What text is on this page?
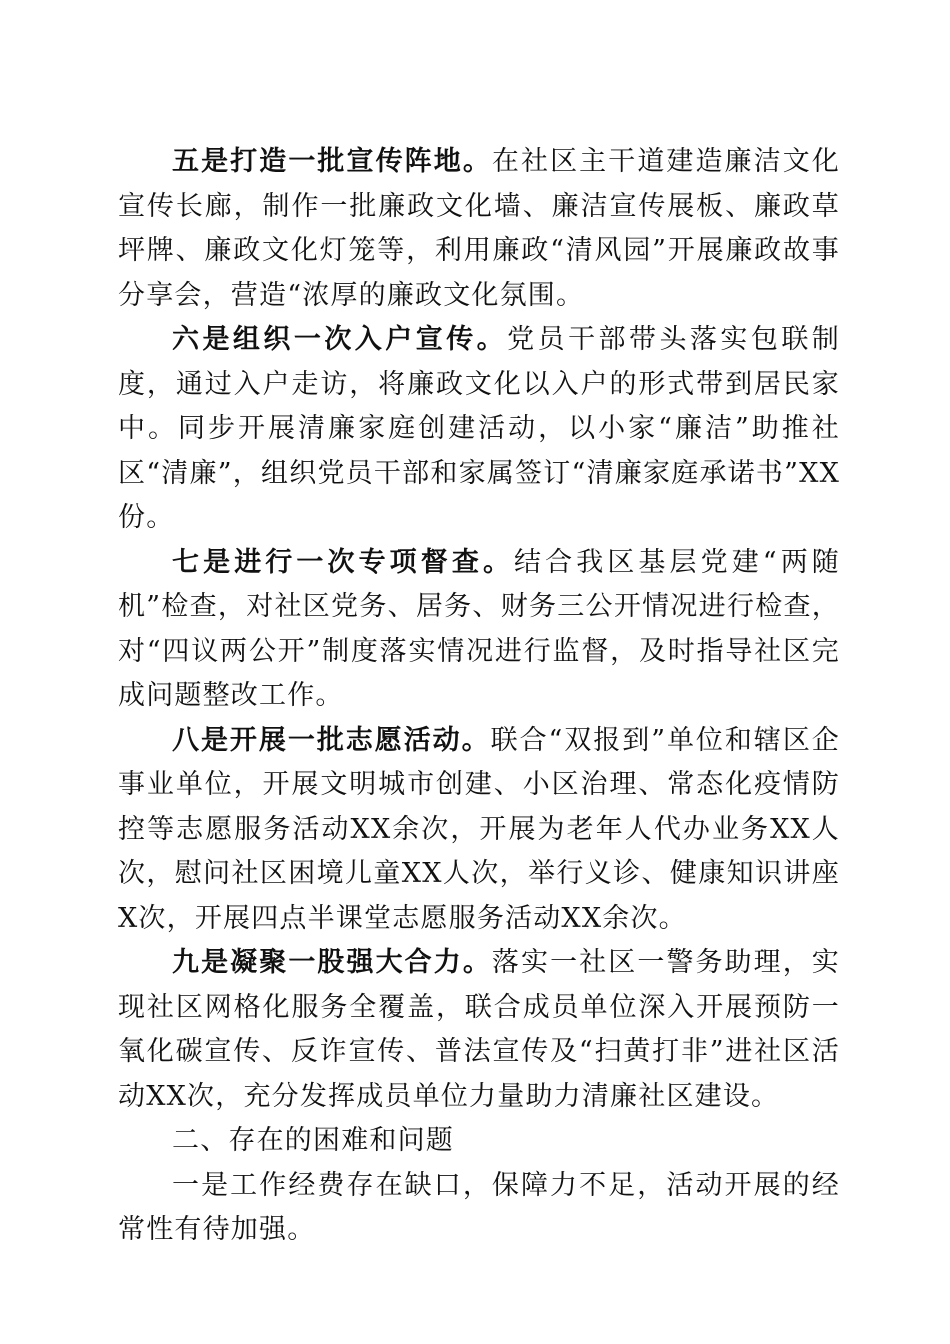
五是打造一批宣传阵地。在社区主干道建造廉洁文化宣传长廊，制作一批廉政文化墙、廉洁宣传展板、廉政草坪牌、廉政文化灯笼等，利用廉政“清风园”开展廉政故事分享会，营造“浓厚的廉政文化氛围。

六是组织一次入户宣传。党员干部带头落实包联制度，通过入户走访，将廉政文化以入户的形式带到居民家中。同步开展清廉家庭创建活动，以小家“廉洁”助推社区“清廉”，组织党员干部和家属签订“清廉家庭承诺书”XX份。

七是进行一次专项督查。结合我区基层党建“两随机”检查，对社区党务、居务、财务三公开情况进行检查，对“四议两公开”制度落实情况进行监督，及时指导社区完成问题整改工作。

八是开展一批志愿活动。联合“双报到”单位和辖区企事业单位，开展文明城市创建、小区治理、常态化疫情防控等志愿服务活动XX余次，开展为老年人代办业务XX人次，慰问社区困境儿童XX人次，举行义诊、健康知识讲座X次，开展四点半课堂志愿服务活动XX余次。

九是凝聚一股强大合力。落实一社区一警务助理，实现社区网格化服务全覆盖，联合成员单位深入开展预防一氧化碳宣传、反诈宣传、普法宣传及“扫黄打非”进社区活动XX次，充分发挥成员单位力量助力清廉社区建设。

二、存在的困难和问题

一是工作经费存在缺口，保障力不足，活动开展的经常性有待加强。
